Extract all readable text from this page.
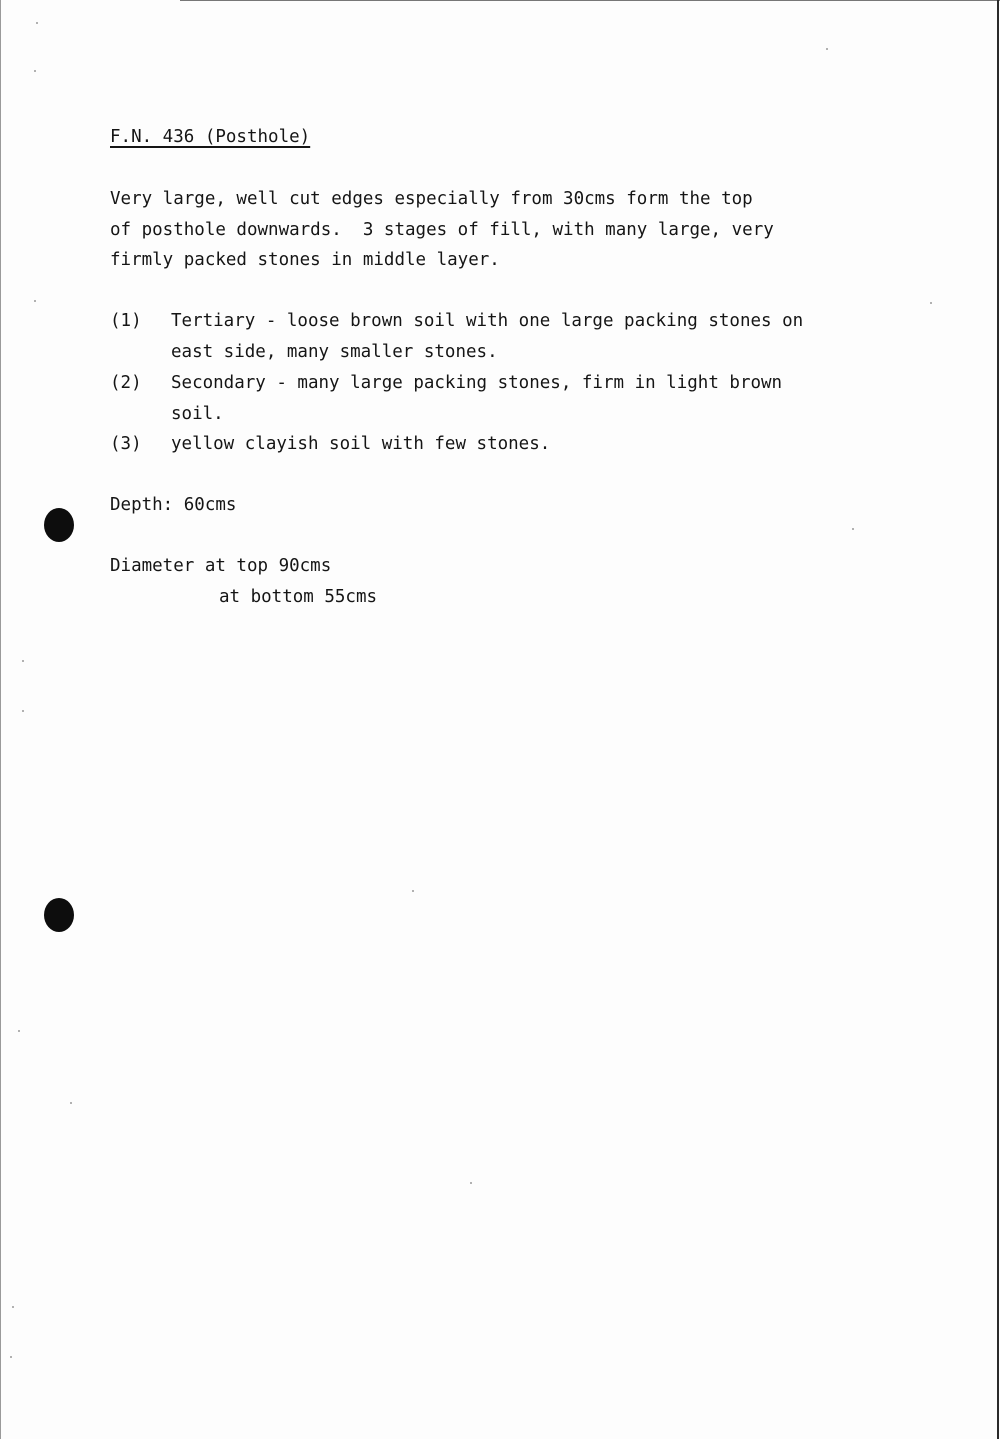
F.N. 436 (Posthole)
Very large, well cut edges especially from 30cms form the top
of posthole downwards.  3 stages of fill, with many large, very
firmly packed stones in middle layer.

(1)

Tertiary - loose brown soil with one large packing stones on
east side, many smaller stones.

(2)

Secondary - many large packing stones, firm in light brown
soil.

(3)

yellow clayish soil with few stones.

Depth: 60cms
Diameter at top 90cms
at bottom 55cms
